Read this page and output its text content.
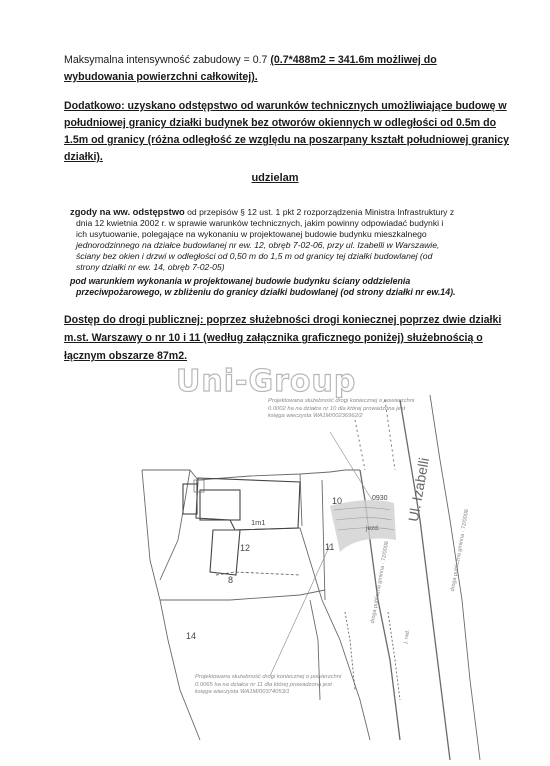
Maksymalna intensywność zabudowy = 0.7 (0.7*488m2 = 341.6m możliwej do
wybudowania powierzchni całkowitej).
Dodatkowo: uzyskano odstępstwo od warunków technicznych umożliwiające budowę w
południowej granicy działki budynek bez otworów okiennych w odległości od 0.5m do
1.5m od granicy (różna odległość ze względu na poszarpany kształt południowej granicy
działki).
udzielam
zgody na ww. odstępstwo od przepisów § 12 ust. 1 pkt 2 rozporządzenia Ministra Infrastruktury z
dnia 12 kwietnia 2002 r. w sprawie warunków technicznych, jakim powinny odpowiadać budynki i
ich usytuowanie, polegające na wykonaniu w projektowanej budowie budynku mieszkalnego
jednorodzinnego na działce budowlanej nr ew. 12, obręb 7-02-06, przy ul. Izabelli w Warszawie,
ściany bez okien i drzwi w odległości od 0,50 m do 1,5 m od granicy tej działki budowlanej (od
strony działki nr ew. 14, obręb 7-02-05)
pod warunkiem wykonania w projektowanej budowie budynku ściany oddzielenia
przeciwpożarowego, w zbliżeniu do granicy działki budowlanej (od strony działki nr ew.14).
Dostęp do drogi publicznej: poprzez służebności drogi koniecznej poprzez dwie działki
m.st. Warszawy o nr 10 i 11 (według załącznika graficznego poniżej) służebnością o
łącznym obszarze 87m2.
Projektowana służebność drogi koniecznej o powierzchni
0.0002 ha na działce nr 10 dla której prowadzona jest
księga wieczysta WA1M/00236962/2
Projektowana służebność drogi koniecznej o powierzchni
0.0065 ha na działce nr 11 dla której prowadzona jest
księga wieczysta WA1M/00374053/1
10
11
12
14
8
1m1
L
0930
jezd.
Ul. Izabelli
droga publiczna gminna - 72/0008
droga publiczna gminna - 72/0008
j. rad.
Uni-Group
